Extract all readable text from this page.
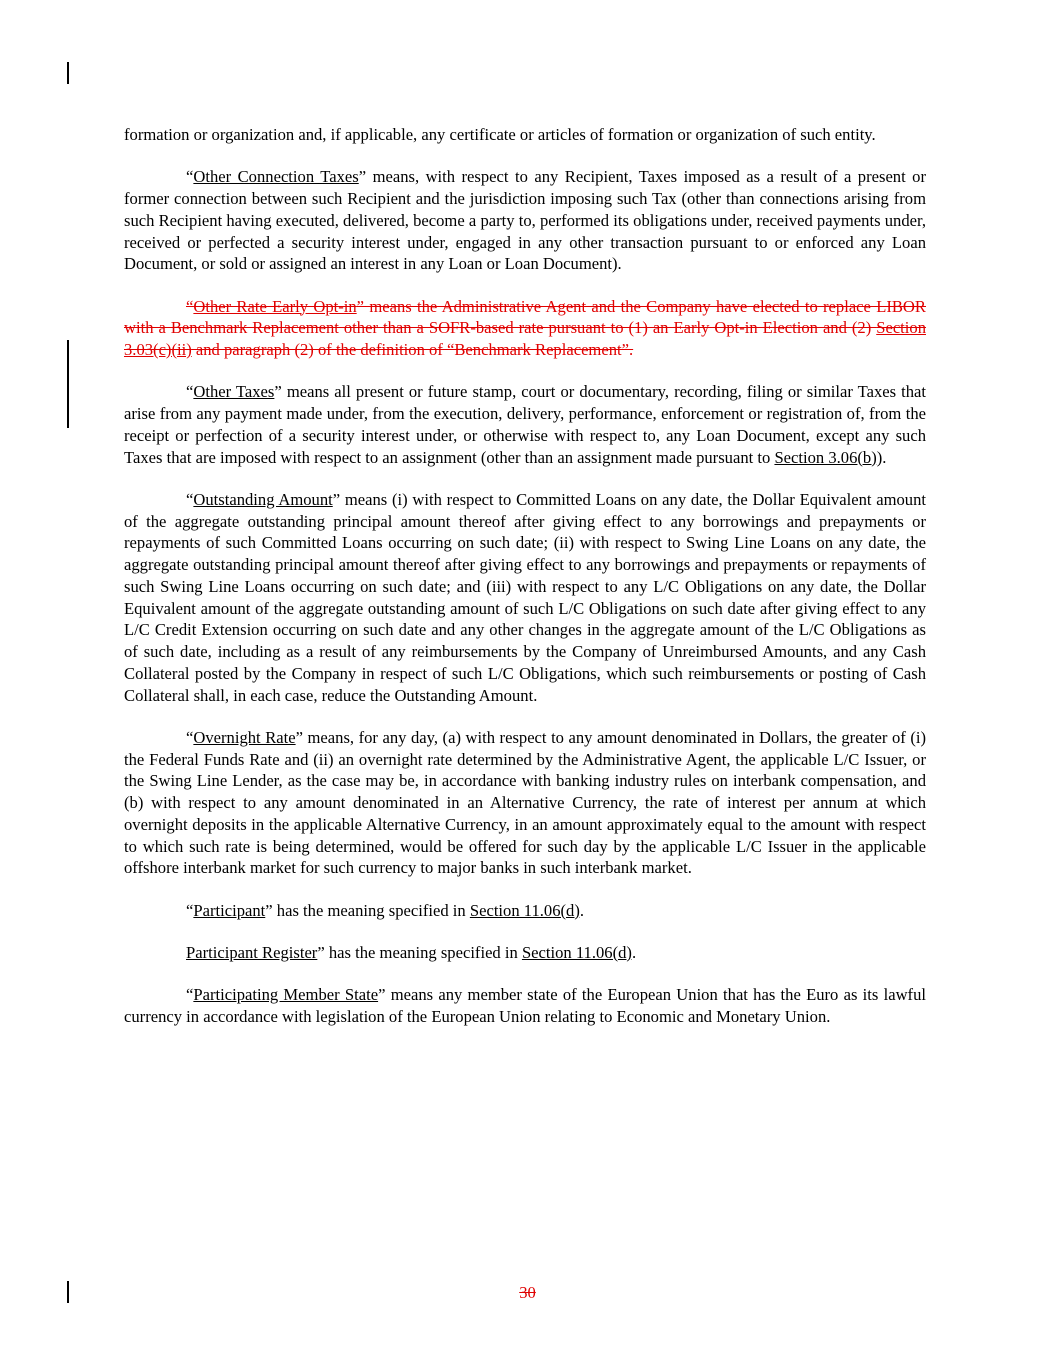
formation or organization and, if applicable, any certificate or articles of formation or organization of such entity.

“Other Connection Taxes” means, with respect to any Recipient, Taxes imposed as a result of a present or former connection between such Recipient and the jurisdiction imposing such Tax (other than connections arising from such Recipient having executed, delivered, become a party to, performed its obligations under, received payments under, received or perfected a security interest under, engaged in any other transaction pursuant to or enforced any Loan Document, or sold or assigned an interest in any Loan or Loan Document).

“Other Rate Early Opt-in” means the Administrative Agent and the Company have elected to replace LIBOR with a Benchmark Replacement other than a SOFR-based rate pursuant to (1) an Early Opt-in Election and (2) Section 3.03(c)(ii) and paragraph (2) of the definition of “Benchmark Replacement”.

“Other Taxes” means all present or future stamp, court or documentary, recording, filing or similar Taxes that arise from any payment made under, from the execution, delivery, performance, enforcement or registration of, from the receipt or perfection of a security interest under, or otherwise with respect to, any Loan Document, except any such Taxes that are imposed with respect to an assignment (other than an assignment made pursuant to Section 3.06(b)).

“Outstanding Amount” means (i) with respect to Committed Loans on any date, the Dollar Equivalent amount of the aggregate outstanding principal amount thereof after giving effect to any borrowings and prepayments or repayments of such Committed Loans occurring on such date; (ii) with respect to Swing Line Loans on any date, the aggregate outstanding principal amount thereof after giving effect to any borrowings and prepayments or repayments of such Swing Line Loans occurring on such date; and (iii) with respect to any L/C Obligations on any date, the Dollar Equivalent amount of the aggregate outstanding amount of such L/C Obligations on such date after giving effect to any L/C Credit Extension occurring on such date and any other changes in the aggregate amount of the L/C Obligations as of such date, including as a result of any reimbursements by the Company of Unreimbursed Amounts, and any Cash Collateral posted by the Company in respect of such L/C Obligations, which such reimbursements or posting of Cash Collateral shall, in each case, reduce the Outstanding Amount.

“Overnight Rate” means, for any day, (a) with respect to any amount denominated in Dollars, the greater of (i) the Federal Funds Rate and (ii) an overnight rate determined by the Administrative Agent, the applicable L/C Issuer, or the Swing Line Lender, as the case may be, in accordance with banking industry rules on interbank compensation, and (b) with respect to any amount denominated in an Alternative Currency, the rate of interest per annum at which overnight deposits in the applicable Alternative Currency, in an amount approximately equal to the amount with respect to which such rate is being determined, would be offered for such day by the applicable L/C Issuer in the applicable offshore interbank market for such currency to major banks in such interbank market.

“Participant” has the meaning specified in Section 11.06(d).

Participant Register” has the meaning specified in Section 11.06(d).

“Participating Member State” means any member state of the European Union that has the Euro as its lawful currency in accordance with legislation of the European Union relating to Economic and Monetary Union.

30
